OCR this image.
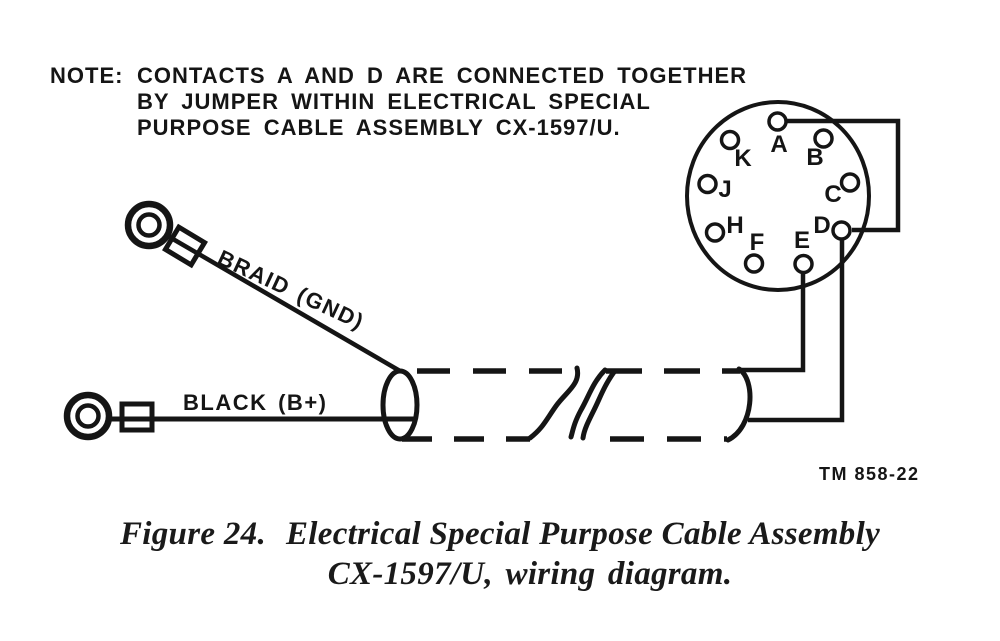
A B
C
D
E
F
H
J
K
BRAID (GND)
BLACK (B+)
NOTE: CONTACTS A AND D ARE CONNECTED TOGETHER
BY JUMPER WITHIN ELECTRICAL SPECIAL
PURPOSE CABLE ASSEMBLY CX-1597/U.
TM 858-22
Figure 24. Electrical Special Purpose Cable Assembly
CX-1597/U, wiring diagram.
